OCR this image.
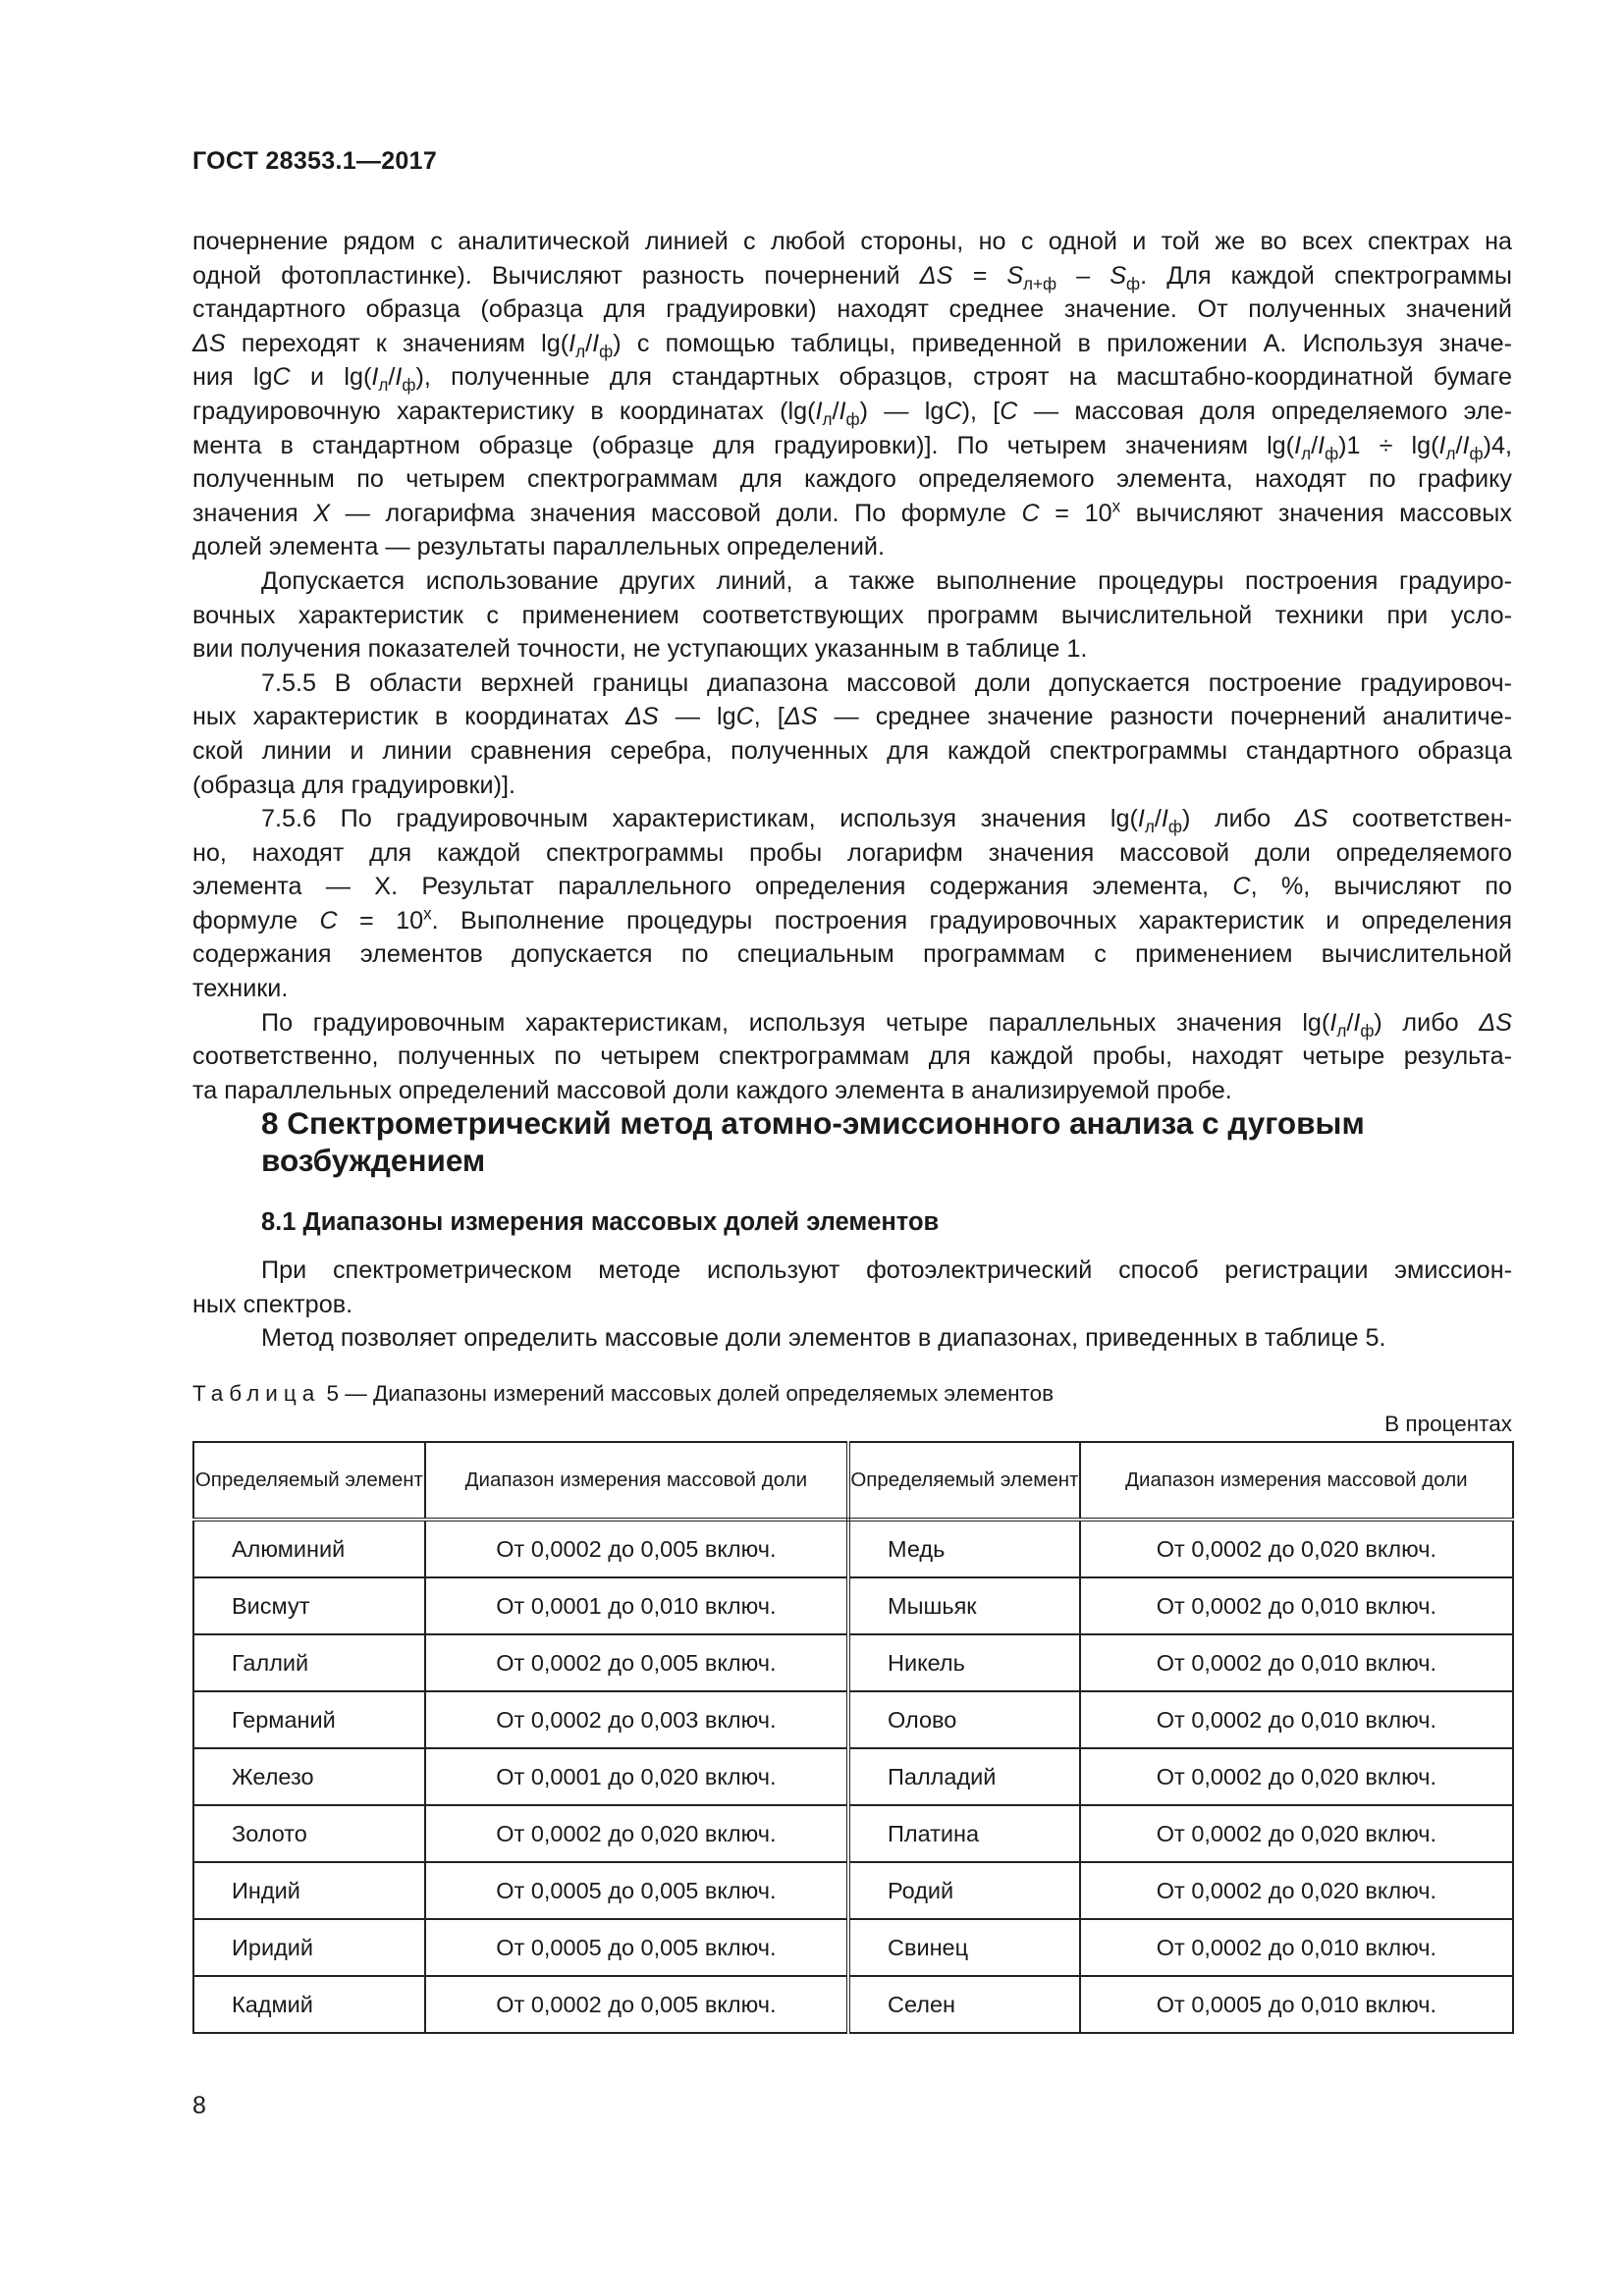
ГОСТ 28353.1—2017

почернение рядом с аналитической линией с любой стороны, но с одной и той же во всех спектрах на
одной фотопластинке). Вычисляют разность почернений $\Delta S = S_{л+ф} - S_ф$. Для каждой спектрограммы
стандартного образца (образца для градуировки) находят среднее значение. От полученных значений
ΔS переходят к значениям $\lg(I_л/I_ф)$ с помощью таблицы, приведенной в приложении А. Используя значе-
ния lgC и $\lg(I_л/I_ф)$, полученные для стандартных образцов, строят на масштабно-координатной бумаге
градуировочную характеристику в координатах ($\lg(I_л/I_ф)$ — lgC), [C — массовая доля определяемого эле-
мента в стандартном образце (образце для градуировки)]. По четырем значениям $\lg(I_л/I_ф)1 \div \lg(I_л/I_ф)4$,
полученным по четырем спектрограммам для каждого определяемого элемента, находят по графику
значения X — логарифма значения массовой доли. По формуле $C = 10^x$ вычисляют значения массовых
долей элемента — результаты параллельных определений.

Допускается использование других линий, а также выполнение процедуры построения градуиро-
вочных характеристик с применением соответствующих программ вычислительной техники при усло-
вии получения показателей точности, не уступающих указанным в таблице 1.

7.5.5 В области верхней границы диапазона массовой доли допускается построение градуировоч-
ных характеристик в координатах ΔS — lgC, [ΔS — среднее значение разности почернений аналитиче-
ской линии и линии сравнения серебра, полученных для каждой спектрограммы стандартного образца
(образца для градуировки)].

7.5.6 По градуировочным характеристикам, используя значения $\lg(I_л/I_ф)$ либо ΔS соответствен-
но, находят для каждой спектрограммы пробы логарифм значения массовой доли определяемого
элемента — X. Результат параллельного определения содержания элемента, C, %, вычисляют по
формуле $C = 10^x$. Выполнение процедуры построения градуировочных характеристик и определения
содержания элементов допускается по специальным программам с применением вычислительной
техники.

По градуировочным характеристикам, используя четыре параллельных значения $\lg(I_л/I_ф)$ либо ΔS
соответственно, полученных по четырем спектрограммам для каждой пробы, находят четыре результа-
та параллельных определений массовой доли каждого элемента в анализируемой пробе.

8 Спектрометрический метод атомно-эмиссионного анализа с дуговым возбуждением
8.1 Диапазоны измерения массовых долей элементов
При спектрометрическом методе используют фотоэлектрический способ регистрации эмиссион-
ных спектров.
Метод позволяет определить массовые доли элементов в диапазонах, приведенных в таблице 5.
Таблица 5 — Диапазоны измерений массовых долей определяемых элементов
В процентах
Определяемый элемент	Диапазон измерения массовой доли	Определяемый элемент	Диапазон измерения массовой доли
Алюминий	От 0,0002 до 0,005 включ.	Медь	От 0,0002 до 0,020 включ.
Висмут	От 0,0001 до 0,010 включ.	Мышьяк	От 0,0002 до 0,010 включ.
Галлий	От 0,0002 до 0,005 включ.	Никель	От 0,0002 до 0,010 включ.
Германий	От 0,0002 до 0,003 включ.	Олово	От 0,0002 до 0,010 включ.
Железо	От 0,0001 до 0,020 включ.	Палладий	От 0,0002 до 0,020 включ.
Золото	От 0,0002 до 0,020 включ.	Платина	От 0,0002 до 0,020 включ.
Индий	От 0,0005 до 0,005 включ.	Родий	От 0,0002 до 0,020 включ.
Иридий	От 0,0005 до 0,005 включ.	Свинец	От 0,0002 до 0,010 включ.
Кадмий	От 0,0002 до 0,005 включ.	Селен	От 0,0005 до 0,010 включ.
8
